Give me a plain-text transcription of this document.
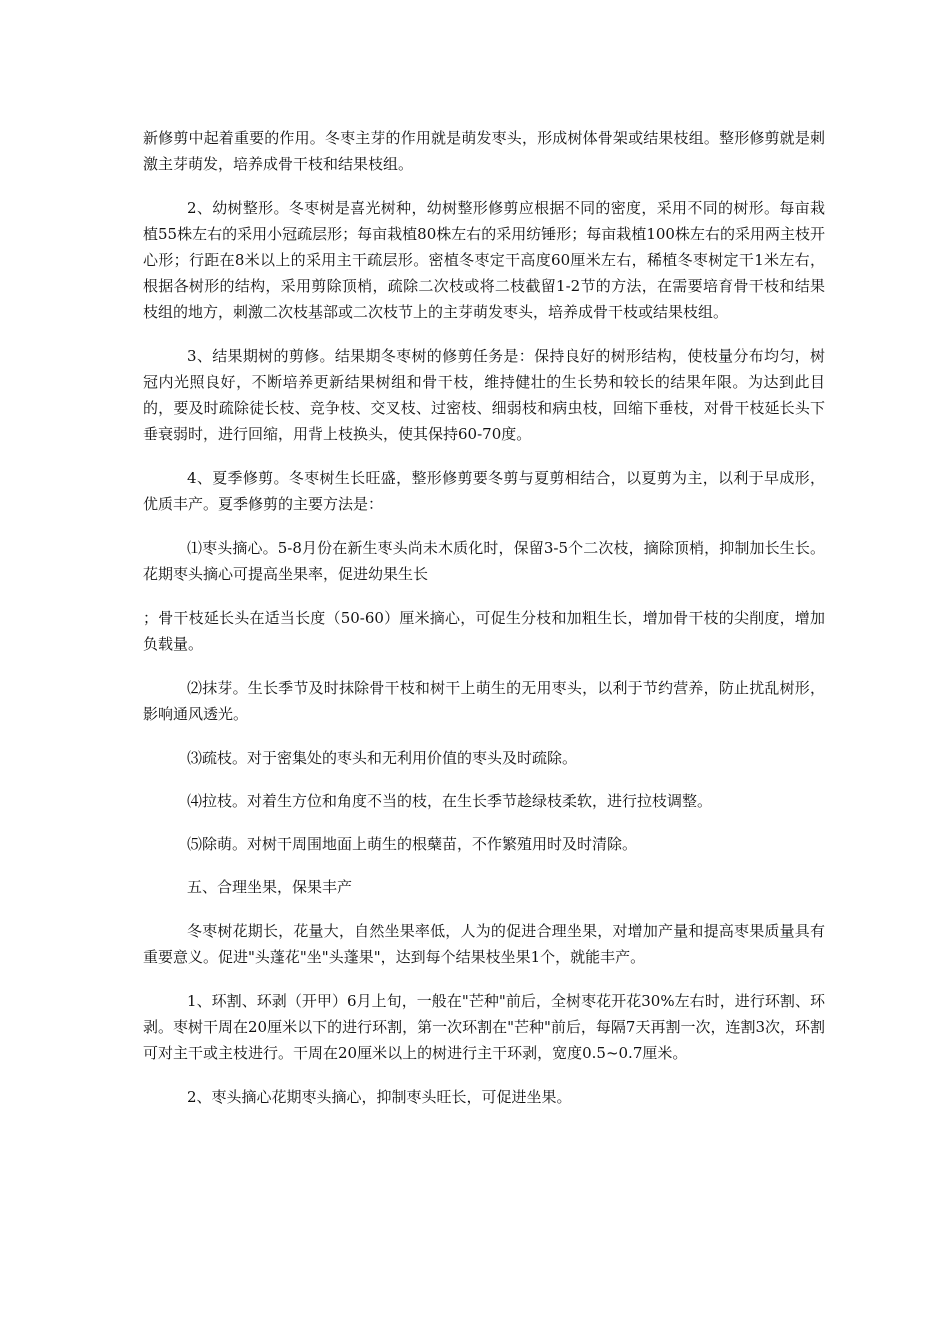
新修剪中起着重要的作用。冬枣主芽的作用就是萌发枣头，形成树体骨架或结果枝组。整形修剪就是刺激主芽萌发，培养成骨干枝和结果枝组。

2、幼树整形。冬枣树是喜光树种，幼树整形修剪应根据不同的密度，采用不同的树形。每亩栽植55株左右的采用小冠疏层形；每亩栽植80株左右的采用纺锤形；每亩栽植100株左右的采用两主枝开心形；行距在8米以上的采用主干疏层形。密植冬枣定干高度60厘米左右，稀植冬枣树定干1米左右，根据各树形的结构，采用剪除顶梢，疏除二次枝或将二枝截留1-2节的方法，在需要培育骨干枝和结果枝组的地方，刺激二次枝基部或二次枝节上的主芽萌发枣头，培养成骨干枝或结果枝组。

3、结果期树的剪修。结果期冬枣树的修剪任务是：保持良好的树形结构，使枝量分布均匀，树冠内光照良好，不断培养更新结果树组和骨干枝，维持健壮的生长势和较长的结果年限。为达到此目的，要及时疏除徒长枝、竞争枝、交叉枝、过密枝、细弱枝和病虫枝，回缩下垂枝，对骨干枝延长头下垂衰弱时，进行回缩，用背上枝换头，使其保持60-70度。

4、夏季修剪。冬枣树生长旺盛，整形修剪要冬剪与夏剪相结合，以夏剪为主，以利于早成形，优质丰产。夏季修剪的主要方法是：

⑴枣头摘心。5-8月份在新生枣头尚未木质化时，保留3-5个二次枝，摘除顶梢，抑制加长生长。花期枣头摘心可提高坐果率，促进幼果生长

；骨干枝延长头在适当长度（50-60）厘米摘心，可促生分枝和加粗生长，增加骨干枝的尖削度，增加负载量。

⑵抹芽。生长季节及时抹除骨干枝和树干上萌生的无用枣头，以利于节约营养，防止扰乱树形，影响通风透光。

⑶疏枝。对于密集处的枣头和无利用价值的枣头及时疏除。

⑷拉枝。对着生方位和角度不当的枝，在生长季节趁绿枝柔软，进行拉枝调整。

⑸除萌。对树干周围地面上萌生的根蘖苗，不作繁殖用时及时清除。

五、合理坐果，保果丰产

冬枣树花期长，花量大，自然坐果率低，人为的促进合理坐果，对增加产量和提高枣果质量具有重要意义。促进"头蓬花"坐"头蓬果"，达到每个结果枝坐果1个，就能丰产。

1、环割、环剥（开甲）6月上旬，一般在"芒种"前后，全树枣花开花30%左右时，进行环割、环剥。枣树干周在20厘米以下的进行环割，第一次环割在"芒种"前后，每隔7天再割一次，连割3次，环割可对主干或主枝进行。干周在20厘米以上的树进行主干环剥，宽度0.5~0.7厘米。

2、枣头摘心花期枣头摘心，抑制枣头旺长，可促进坐果。
